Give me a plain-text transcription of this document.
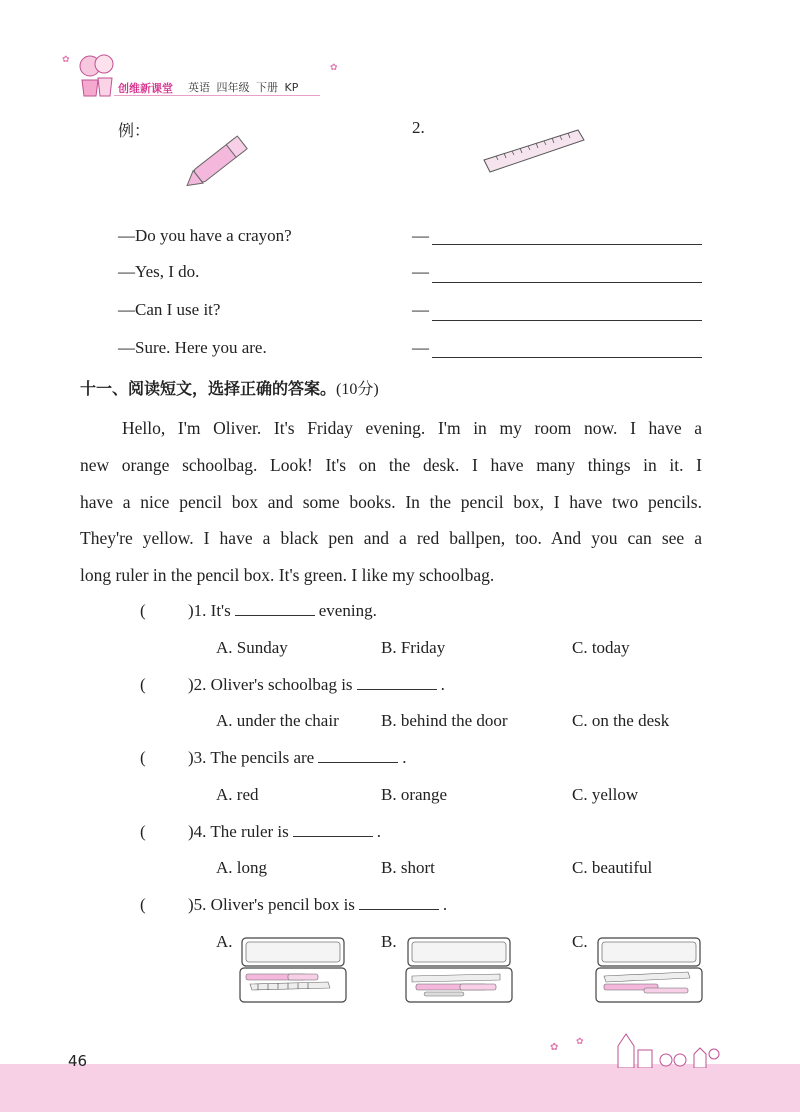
✿
✿
创维新课堂 英语 四年级 下册 KP
例：	2.
—Do you have a crayon?
—Yes, I do.
—Can I use it?
—Sure. Here you are.
—
—
—
—
十一、阅读短文，选择正确的答案。(10分)
Hello, I'm Oliver. It's Friday evening. I'm in my room now. I have a
new orange schoolbag. Look! It's on the desk. I have many things in it. I
have a nice pencil box and some books. In the pencil box, I have two pencils.
They're yellow. I have a black pen and a red ballpen, too. And you can see a
long ruler in the pencil box. It's green. I like my schoolbag.
( )1. It's	evening.
A. Sunday	B. Friday	C. today
( )2. Oliver's schoolbag is	.
A. under the chair B. behind the door	C. on the desk
( )3. The pencils are	.
A. red	B. orange	C. yellow
( )4. The ruler is	.
A. long	B. short	C. beautiful
( )5. Oliver's pencil box is	.
A.	B.	C.
✿
✿
46
